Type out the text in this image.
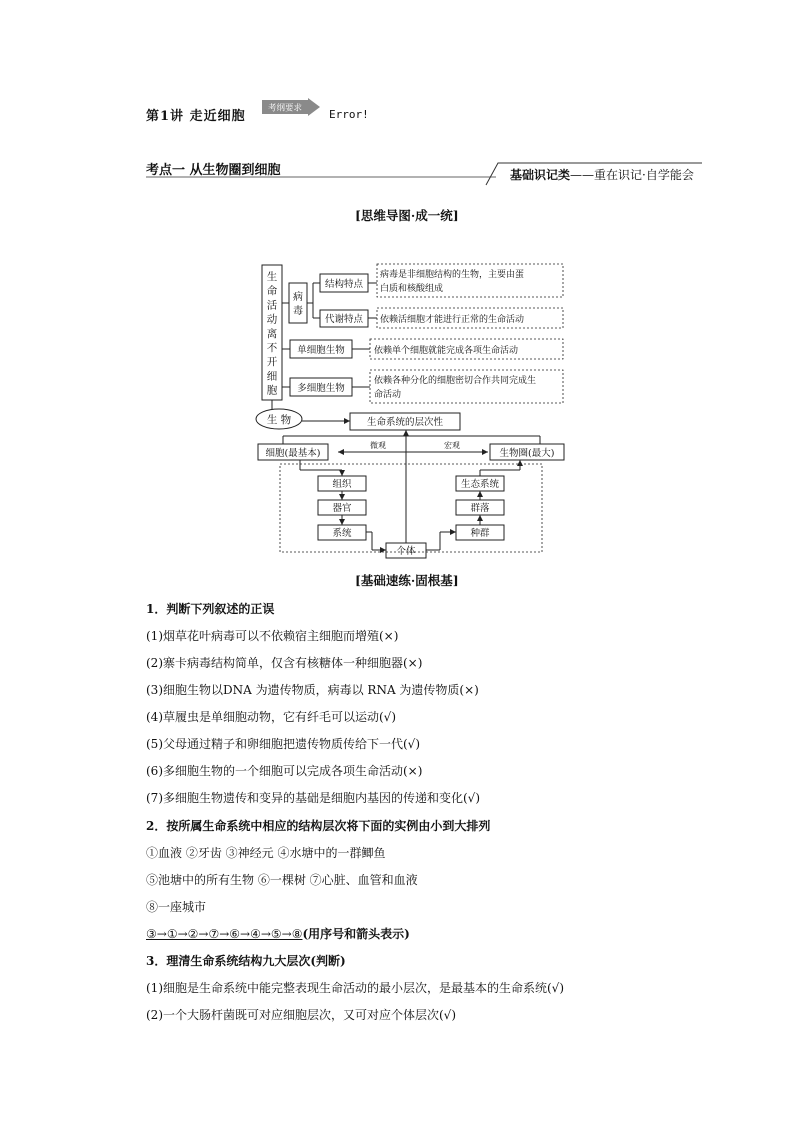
第1讲 走近细胞
考纲要求 Error!
考点一 从生物圈到细胞	基础识记类——重在识记·自学能会
[思维导图·成一统]
生命活动离不开细胞
病
毒
结构特点
代谢特点
单细胞生物
多细胞生物
病毒是非细胞结构的生物，主要由蛋
白质和核酸组成
依赖活细胞才能进行正常的生命活动
依赖单个细胞就能完成各项生命活动
依赖各种分化的细胞密切合作共同完成生
命活动
生 物	生命系统的层次性
微观	宏观
细胞(最基本)	生物圈(最大)
组织
器官
系统
个体
生态系统
群落
种群
[基础速练·固根基]
1．判断下列叙述的正误
(1)烟草花叶病毒可以不依赖宿主细胞而增殖(×)
(2)寨卡病毒结构简单，仅含有核糖体一种细胞器(×)
(3)细胞生物以DNA 为遗传物质，病毒以 RNA 为遗传物质(×)
(4)草履虫是单细胞动物，它有纤毛可以运动(√)
(5)父母通过精子和卵细胞把遗传物质传给下一代(√)
(6)多细胞生物的一个细胞可以完成各项生命活动(×)
(7)多细胞生物遗传和变异的基础是细胞内基因的传递和变化(√)
2．按所属生命系统中相应的结构层次将下面的实例由小到大排列
①血液 ②牙齿 ③神经元 ④水塘中的一群鲫鱼
⑤池塘中的所有生物 ⑥一棵树 ⑦心脏、血管和血液
⑧一座城市
③→①→②→⑦→⑥→④→⑤→⑧(用序号和箭头表示)
3．理清生命系统结构九大层次(判断)
(1)细胞是生命系统中能完整表现生命活动的最小层次，是最基本的生命系统(√)
(2)一个大肠杆菌既可对应细胞层次，又可对应个体层次(√)
